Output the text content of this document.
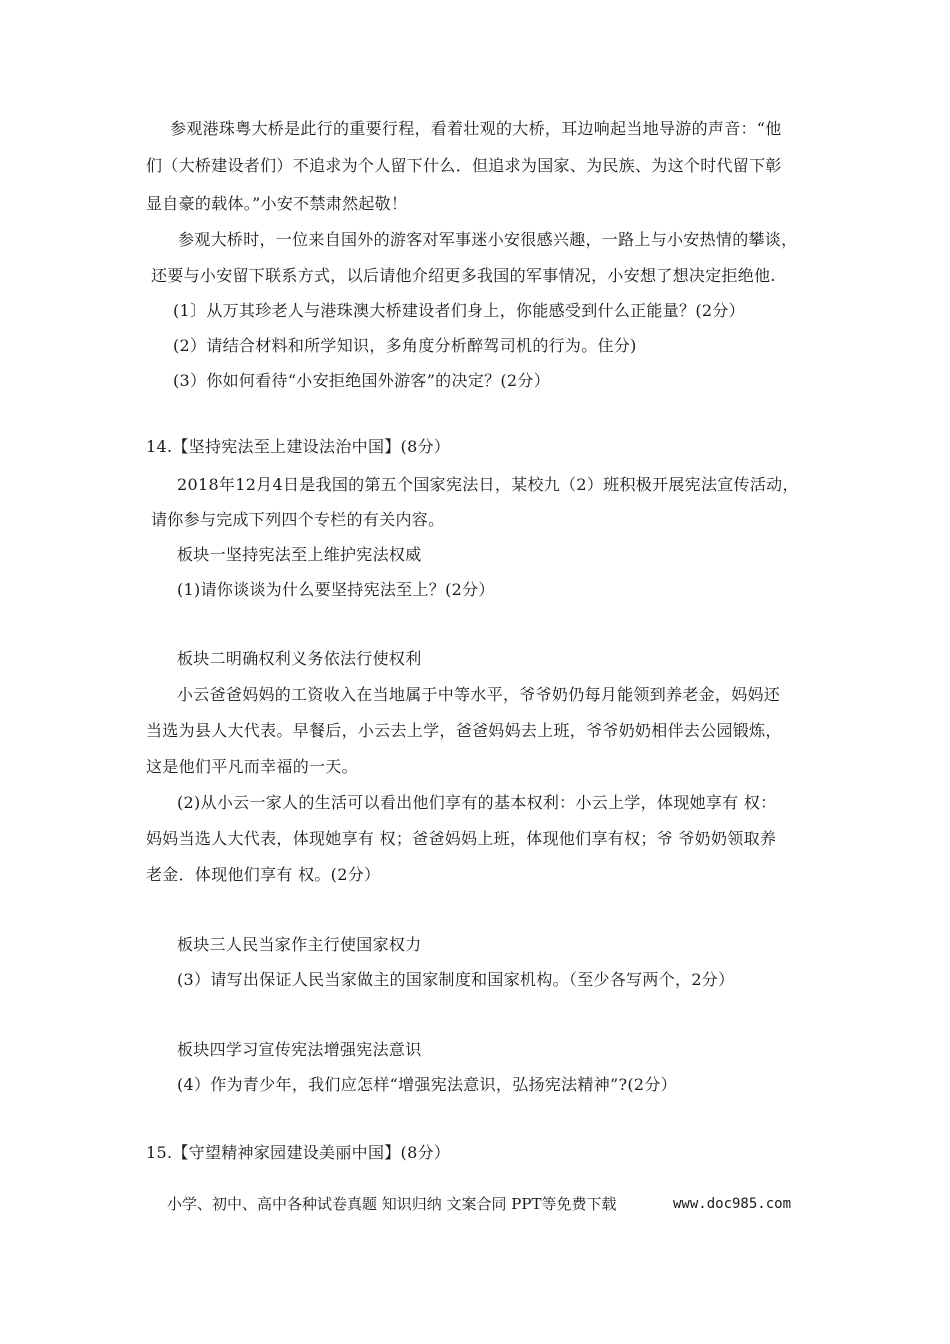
参观港珠粤大桥是此行的重要行程，看着壮观的大桥，耳边响起当地导游的声音：“他
们（大桥建设者们）不追求为个人留下什么．但追求为国家、为民族、为这个时代留下彰
显自豪的载体。”小安不禁肃然起敬！
参观大桥时，一位来自国外的游客对军事迷小安很感兴趣，一路上与小安热情的攀谈，
还要与小安留下联系方式，以后请他介绍更多我国的军事情况，小安想了想决定拒绝他.
(1〕从万其珍老人与港珠澳大桥建设者们身上，你能感受到什么正能量？(2分）
(2）请结合材料和所学知识，多角度分析醉驾司机的行为。住分)
(3）你如何看待“小安拒绝国外游客”的决定？(2分）
14.【坚持宪法至上建设法治中国】(8分）
2018年12月4日是我国的第五个国家宪法日，某校九（2）班积极开展宪法宣传活动，
请你参与完成下列四个专栏的有关内容。
板块一坚持宪法至上维护宪法权威
(1)请你谈谈为什么要坚持宪法至上？(2分）
板块二明确权利义务依法行使权利
小云爸爸妈妈的工资收入在当地属于中等水平，爷爷奶仍每月能领到养老金，妈妈还
当选为县人大代表。早餐后，小云去上学，爸爸妈妈去上班，爷爷奶奶相伴去公园锻炼，
这是他们平凡而幸福的一天。
(2)从小云一家人的生活可以看出他们享有的基本权利：小云上学，体现她享有 权：
妈妈当选人大代表，体现她享有 权；爸爸妈妈上班，体现他们享有权；爷 爷奶奶领取养
老金．体现他们享有 权。(2分）
板块三人民当家作主行使国家权力
(3）请写出保证人民当家做主的国家制度和国家机构。（至少各写两个，2分）
板块四学习宣传宪法增强宪法意识
(4）作为青少年，我们应怎样“增强宪法意识，弘扬宪法精神”?(2分）
15.【守望精神家园建设美丽中国】(8分）
小学、初中、高中各种试卷真题 知识归纳 文案合同 PPT等免费下载	www.doc985.com
